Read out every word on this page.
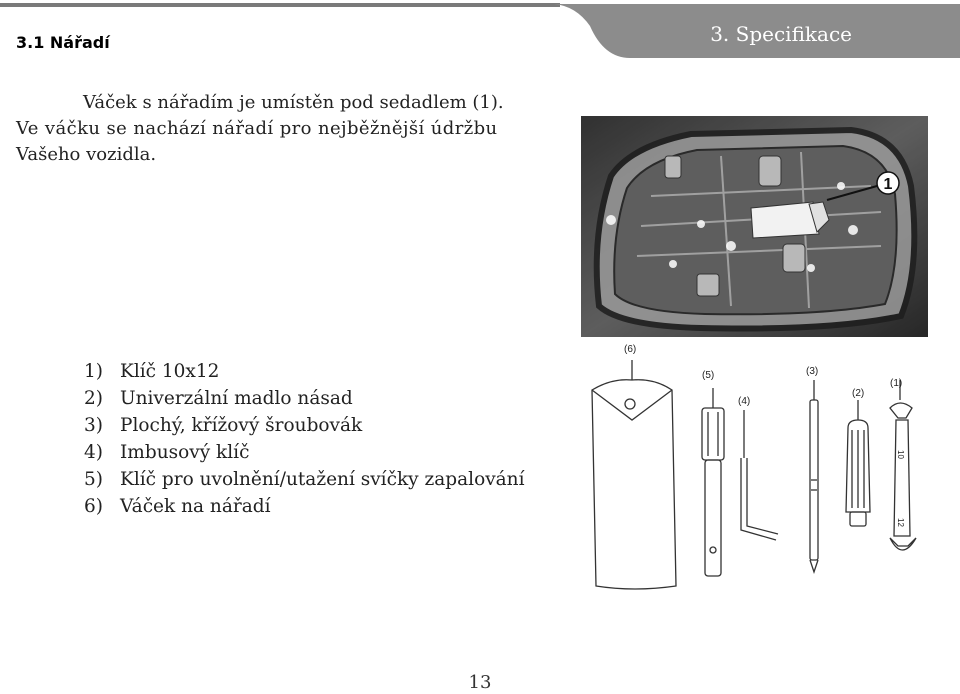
3.1 Nářadí	3. Specifikace
Váček s nářadím je umístěn pod sedadlem (1).
Ve váčku se nachází nářadí pro nejběžnější údržbu
Vašeho vozidla.
1
1) Klíč 10x12
2) Univerzální madlo násad
3) Plochý, křížový šroubovák
4) Imbusový klíč
5) Klíč pro uvolnění/utažení svíčky zapalování
6) Váček na nářadí
(6)
(5)
(4)
(3)
(2)
(1)
10
12
13
